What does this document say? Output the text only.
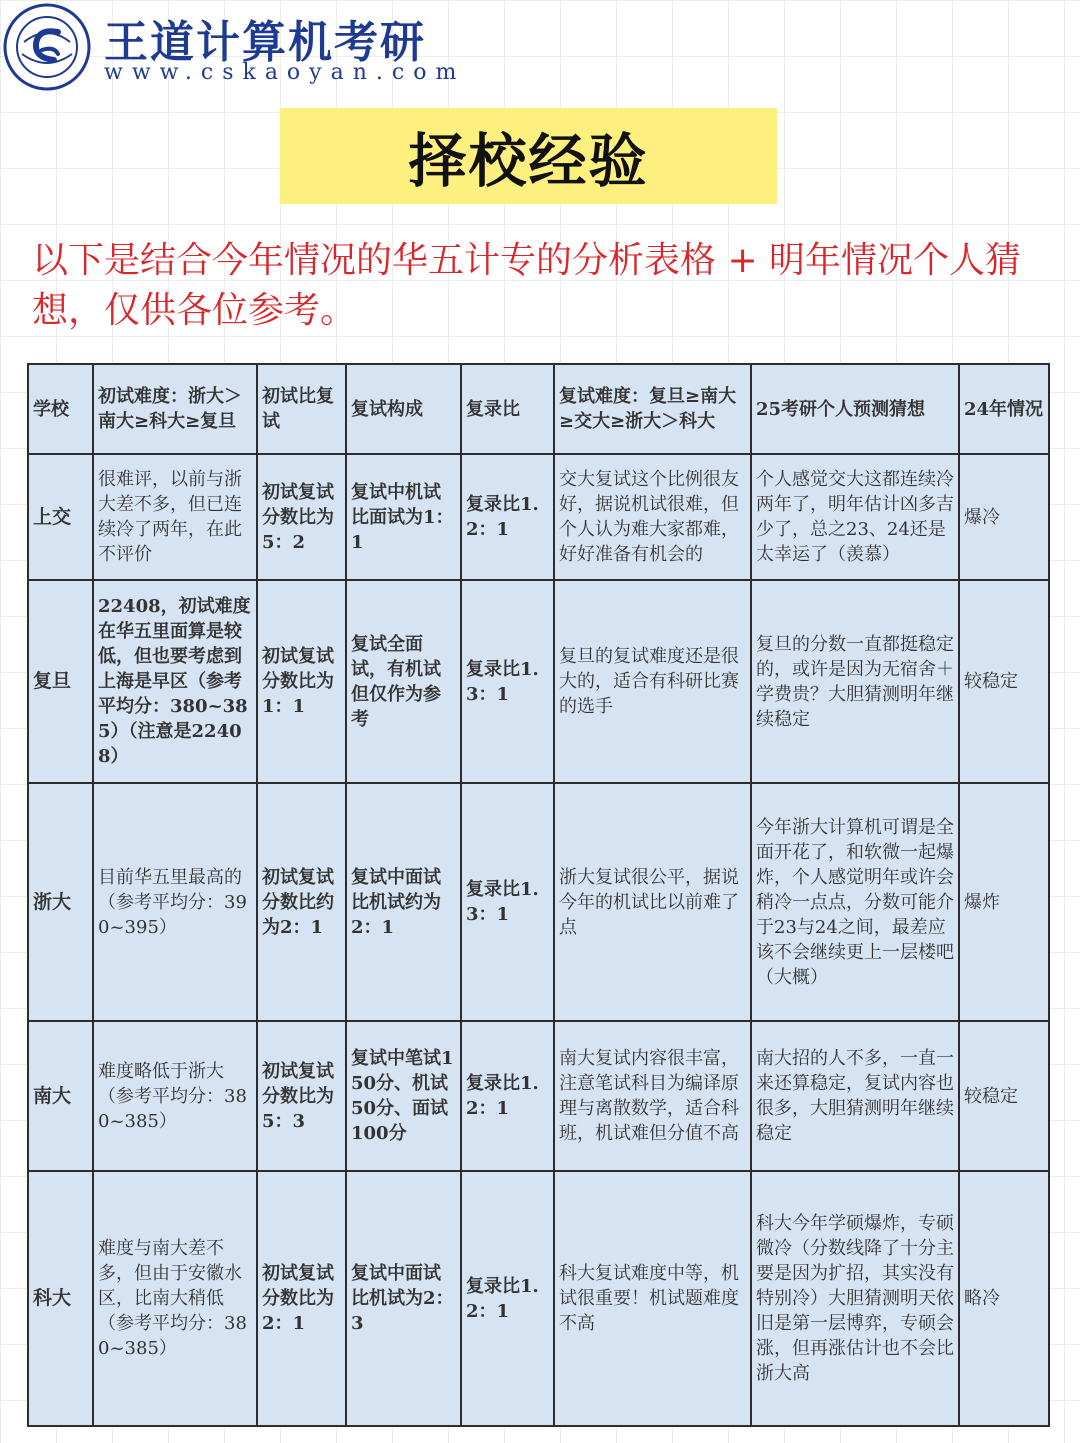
王道计算机考研
www.cskaoyan.com
择校经验
以下是结合今年情况的华五计专的分析表格 + 明年情况个人猜想，仅供各位参考。
学校	初试难度：浙大＞南大≥科大≥复旦	初试比复试	复试构成	复录比	复试难度：复旦≥南大≥交大≥浙大＞科大	25考研个人预测猜想	24年情况
上交	很难评，以前与浙大差不多，但已连续冷了两年，在此不评价	初试复试分数比为5：2	复试中机试比面试为1：1	复录比1.2：1	交大复试这个比例很友好，据说机试很难，但个人认为难大家都难，好好准备有机会的	个人感觉交大这都连续冷两年了，明年估计凶多吉少了，总之23、24还是太幸运了（羡慕）	爆冷
复旦	22408，初试难度在华五里面算是较低，但也要考虑到上海是早区（参考平均分：380~385）（注意是22408）	初试复试分数比为1：1	复试全面试，有机试但仅作为参考	复录比1.3：1	复旦的复试难度还是很大的，适合有科研比赛的选手	复旦的分数一直都挺稳定的，或许是因为无宿舍＋学费贵？大胆猜测明年继续稳定	较稳定
浙大	目前华五里最高的（参考平均分：390~395）	初试复试分数比约为2：1	复试中面试比机试约为2：1	复录比1.3：1	浙大复试很公平，据说今年的机试比以前难了点	今年浙大计算机可谓是全面开花了，和软微一起爆炸，个人感觉明年或许会稍冷一点点，分数可能介于23与24之间，最差应该不会继续更上一层楼吧（大概）	爆炸
南大	难度略低于浙大（参考平均分：380~385）	初试复试分数比为5：3	复试中笔试150分、机试50分、面试100分	复录比1.2：1	南大复试内容很丰富，注意笔试科目为编译原理与离散数学，适合科班，机试难但分值不高	南大招的人不多，一直一来还算稳定，复试内容也很多，大胆猜测明年继续稳定	较稳定
科大	难度与南大差不多，但由于安徽水区，比南大稍低（参考平均分：380~385）	初试复试分数比为2：1	复试中面试比机试为2：3	复录比1.2：1	科大复试难度中等，机试很重要！机试题难度不高	科大今年学硕爆炸，专硕微冷（分数线降了十分主要是因为扩招，其实没有特别冷）大胆猜测明天依旧是第一层博弈，专硕会涨，但再涨估计也不会比浙大高	略冷
